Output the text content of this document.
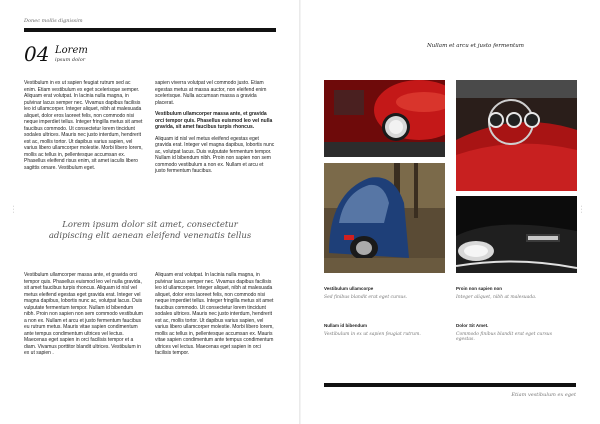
Donec mollis dignissim
04 Lorem
ipsum dolor

Vestibulum in ex ut sapien feugiat rutrum sed ac enim. Etiam vestibulum ex eget scelerisque semper. Aliquam erat volutpat. In lacinia nulla magna, in pulvinar lacus semper nec. Vivamus dapibus facilisis leo id ullamcorper. Integer aliquet, nibh at malesuada aliquet, dolor eros laoreet felis, non commodo nisi neque imperdiet tellus. Integer fringilla metus sit amet faucibus commodo. Ut consectetur lorem tincidunt sodales ultrices. Mauris nec justo interdum, hendrerit est ac, mollis tortor. Ut dapibus varius sapien, vel varius libero ullamcorper molestie. Morbi libero lorem, mollis ac tellus in, pellentesque accumsan ex. Phasellus eleifend risus enim, sit amet iaculis libero sagittis ornare. Vestibulum eget.

sapien viverra volutpat vel commodo justo. Etiam egestas metus at massa auctor, non eleifend enim scelerisque. Nulla accumsan massa a gravida placerat.

Vestibulum ullamcorper massa ante, et gravida orci tempor quis. Phasellus euismod leo vel nulla gravida, sit amet faucibus turpis rhoncus.

Aliquam id nisl vel metus eleifend egestas eget gravida erat. Integer vel magna dapibus, lobortis nunc ac, volutpat lacus. Duis vulputate fermentum tempor. Nullam id bibendum nibh. Proin non sapien non sem commodo vestibulum a non ex. Nullam et arcu et justo fermentum faucibus.

Lorem ipsum dolor sit amet, consectetur adipiscing elit aenean eleifend venenatis tellus

Vestibulum ullamcorper massa ante, et gravida orci tempor quis. Phasellus euismod leo vel nulla gravida, sit amet faucibus turpis rhoncus. Aliquam id nisl vel metus eleifend egestas eget gravida erat. Integer vel magna dapibus, lobortis nunc ac, volutpat lacus. Duis vulputate fermentum tempor. Nullam id bibendum nibh. Proin non sapien non sem commodo vestibulum a non ex. Nullam et arcu et justo fermentum faucibus eu rutrum metus. Mauris vitae sapien condimentum ante tempus condimentum ultrices vel lectus. Maecenas eget sapien in orci facilisis tempor et a diam. Vivamus porttitor blandit ultrices. Vestibulum in ex ut sapien .

Aliquam erat volutpat. In lacinia nulla magna, in pulvinar lacus semper nec. Vivamus dapibus facilisis leo id ullamcorper. Integer aliquet, nibh at malesuada aliquet, dolor eros laoreet felis, non commodo nisi neque imperdiet tellus. Integer fringilla metus sit amet faucibus commodo. Ut consectetur lorem tincidunt sodales ultrices. Mauris nec justo interdum, hendrerit est ac, mollis tortor. Ut dapibus varius sapien, vel varius libero ullamcorper molestie. Morbi libero lorem, mollis ac tellus in, pellentesque accumsan ex. Mauris vitae sapien condimentum ante tempus condimentum ultrices vel lectus. Maecenas eget sapien in orci facilisis tempor.

•
•
•
•
•
•
Nullam et arcu et justo fermentum
Vestibulum ullamcorpe
Sed finibus blandit erat eget cursus.
Proin non sapien non
Integer aliquet, nibh at malesuada.
Nullam id bibendum
Vestibulum in ex ut sapien feugiat rutrum.
Dolor Sit Amet.
Commodo finibus blandit erat eget cursus egestas.
Etiam vestibulum ex eget
